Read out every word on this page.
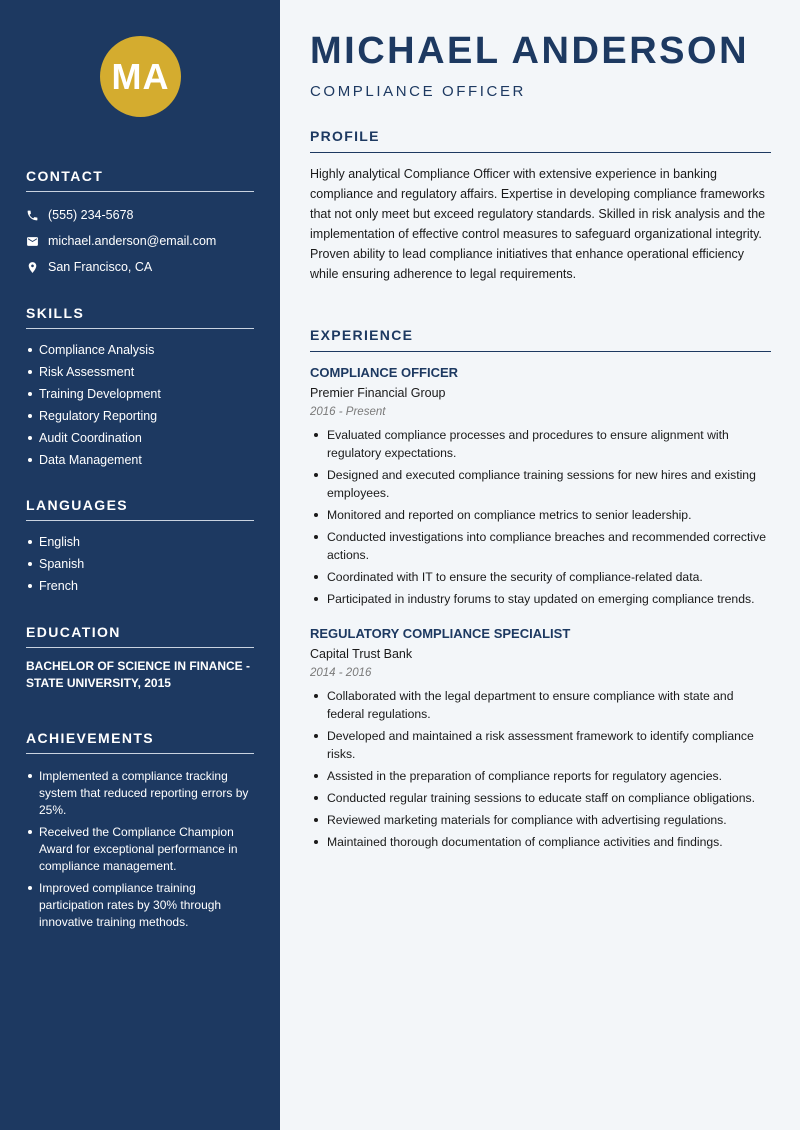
MA
CONTACT
(555) 234-5678
michael.anderson@email.com
San Francisco, CA
SKILLS
Compliance Analysis
Risk Assessment
Training Development
Regulatory Reporting
Audit Coordination
Data Management
LANGUAGES
English
Spanish
French
EDUCATION
BACHELOR OF SCIENCE IN FINANCE - STATE UNIVERSITY, 2015
ACHIEVEMENTS
Implemented a compliance tracking system that reduced reporting errors by 25%.
Received the Compliance Champion Award for exceptional performance in compliance management.
Improved compliance training participation rates by 30% through innovative training methods.
MICHAEL ANDERSON
COMPLIANCE OFFICER
PROFILE
Highly analytical Compliance Officer with extensive experience in banking compliance and regulatory affairs. Expertise in developing compliance frameworks that not only meet but exceed regulatory standards. Skilled in risk analysis and the implementation of effective control measures to safeguard organizational integrity. Proven ability to lead compliance initiatives that enhance operational efficiency while ensuring adherence to legal requirements.
EXPERIENCE
COMPLIANCE OFFICER
Premier Financial Group
2016 - Present
Evaluated compliance processes and procedures to ensure alignment with regulatory expectations.
Designed and executed compliance training sessions for new hires and existing employees.
Monitored and reported on compliance metrics to senior leadership.
Conducted investigations into compliance breaches and recommended corrective actions.
Coordinated with IT to ensure the security of compliance-related data.
Participated in industry forums to stay updated on emerging compliance trends.
REGULATORY COMPLIANCE SPECIALIST
Capital Trust Bank
2014 - 2016
Collaborated with the legal department to ensure compliance with state and federal regulations.
Developed and maintained a risk assessment framework to identify compliance risks.
Assisted in the preparation of compliance reports for regulatory agencies.
Conducted regular training sessions to educate staff on compliance obligations.
Reviewed marketing materials for compliance with advertising regulations.
Maintained thorough documentation of compliance activities and findings.
